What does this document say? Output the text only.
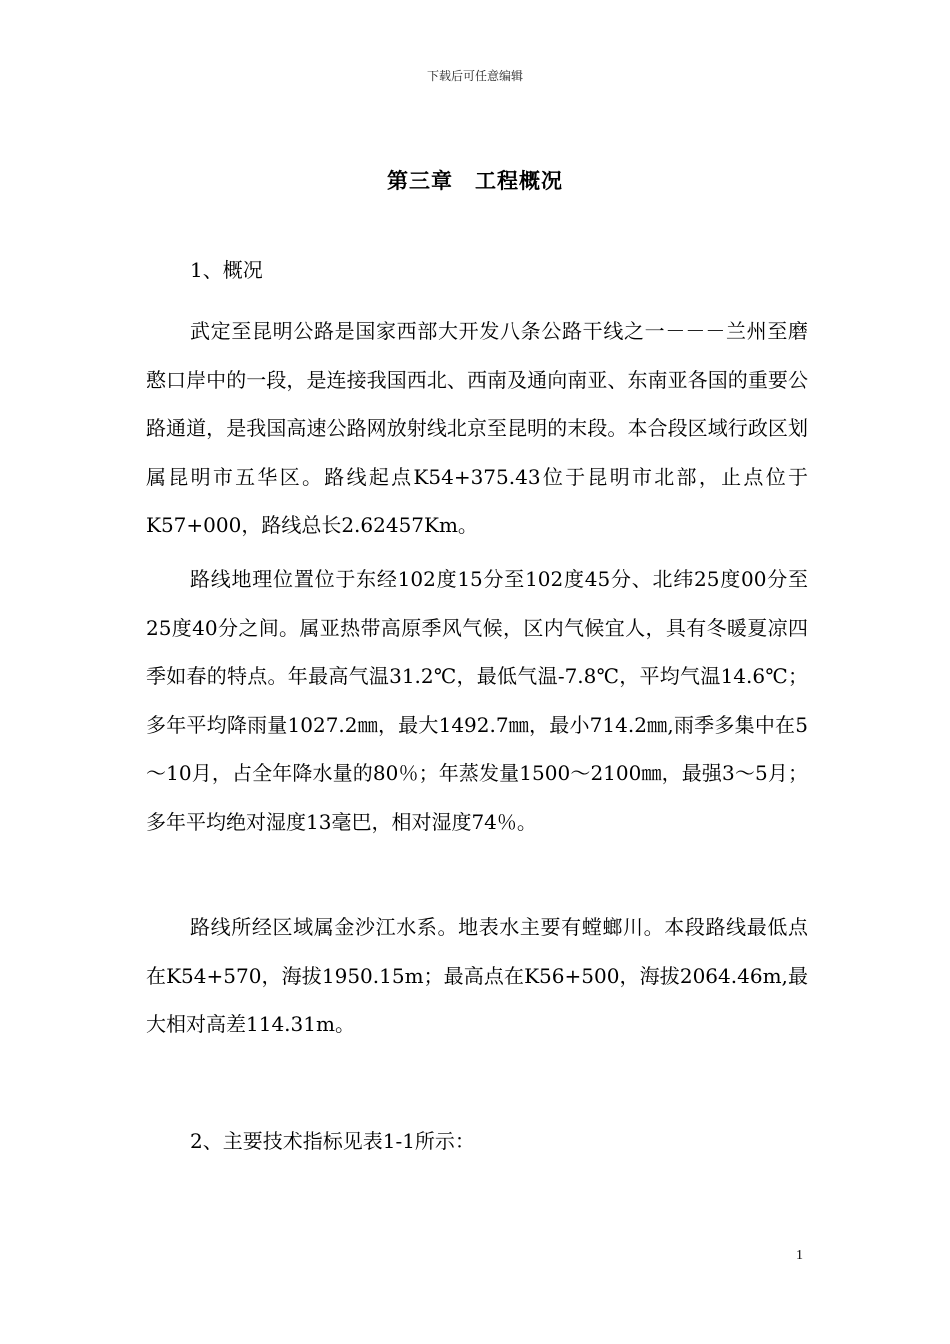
下载后可任意编辑
第三章 工程概况
1、概况

武定至昆明公路是国家西部大开发八条公路干线之一－－－兰州至磨憨口岸中的一段，是连接我国西北、西南及通向南亚、东南亚各国的重要公路通道，是我国高速公路网放射线北京至昆明的末段。本合段区域行政区划属昆明市五华区。路线起点K54+375.43位于昆明市北部，止点位于K57+000，路线总长2.62457Km。

路线地理位置位于东经102度15分至102度45分、北纬25度00分至25度40分之间。属亚热带高原季风气候，区内气候宜人，具有冬暖夏凉四季如春的特点。年最高气温31.2℃，最低气温-7.8℃，平均气温14.6℃；多年平均降雨量1027.2㎜，最大1492.7㎜，最小714.2㎜,雨季多集中在5～10月，占全年降水量的80％；年蒸发量1500～2100㎜，最强3～5月；多年平均绝对湿度13毫巴，相对湿度74％。

路线所经区域属金沙江水系。地表水主要有螳螂川。本段路线最低点在K54+570，海拔1950.15m；最高点在K56+500，海拔2064.46m,最大相对高差114.31m。

2、主要技术指标见表1-1所示：
1
